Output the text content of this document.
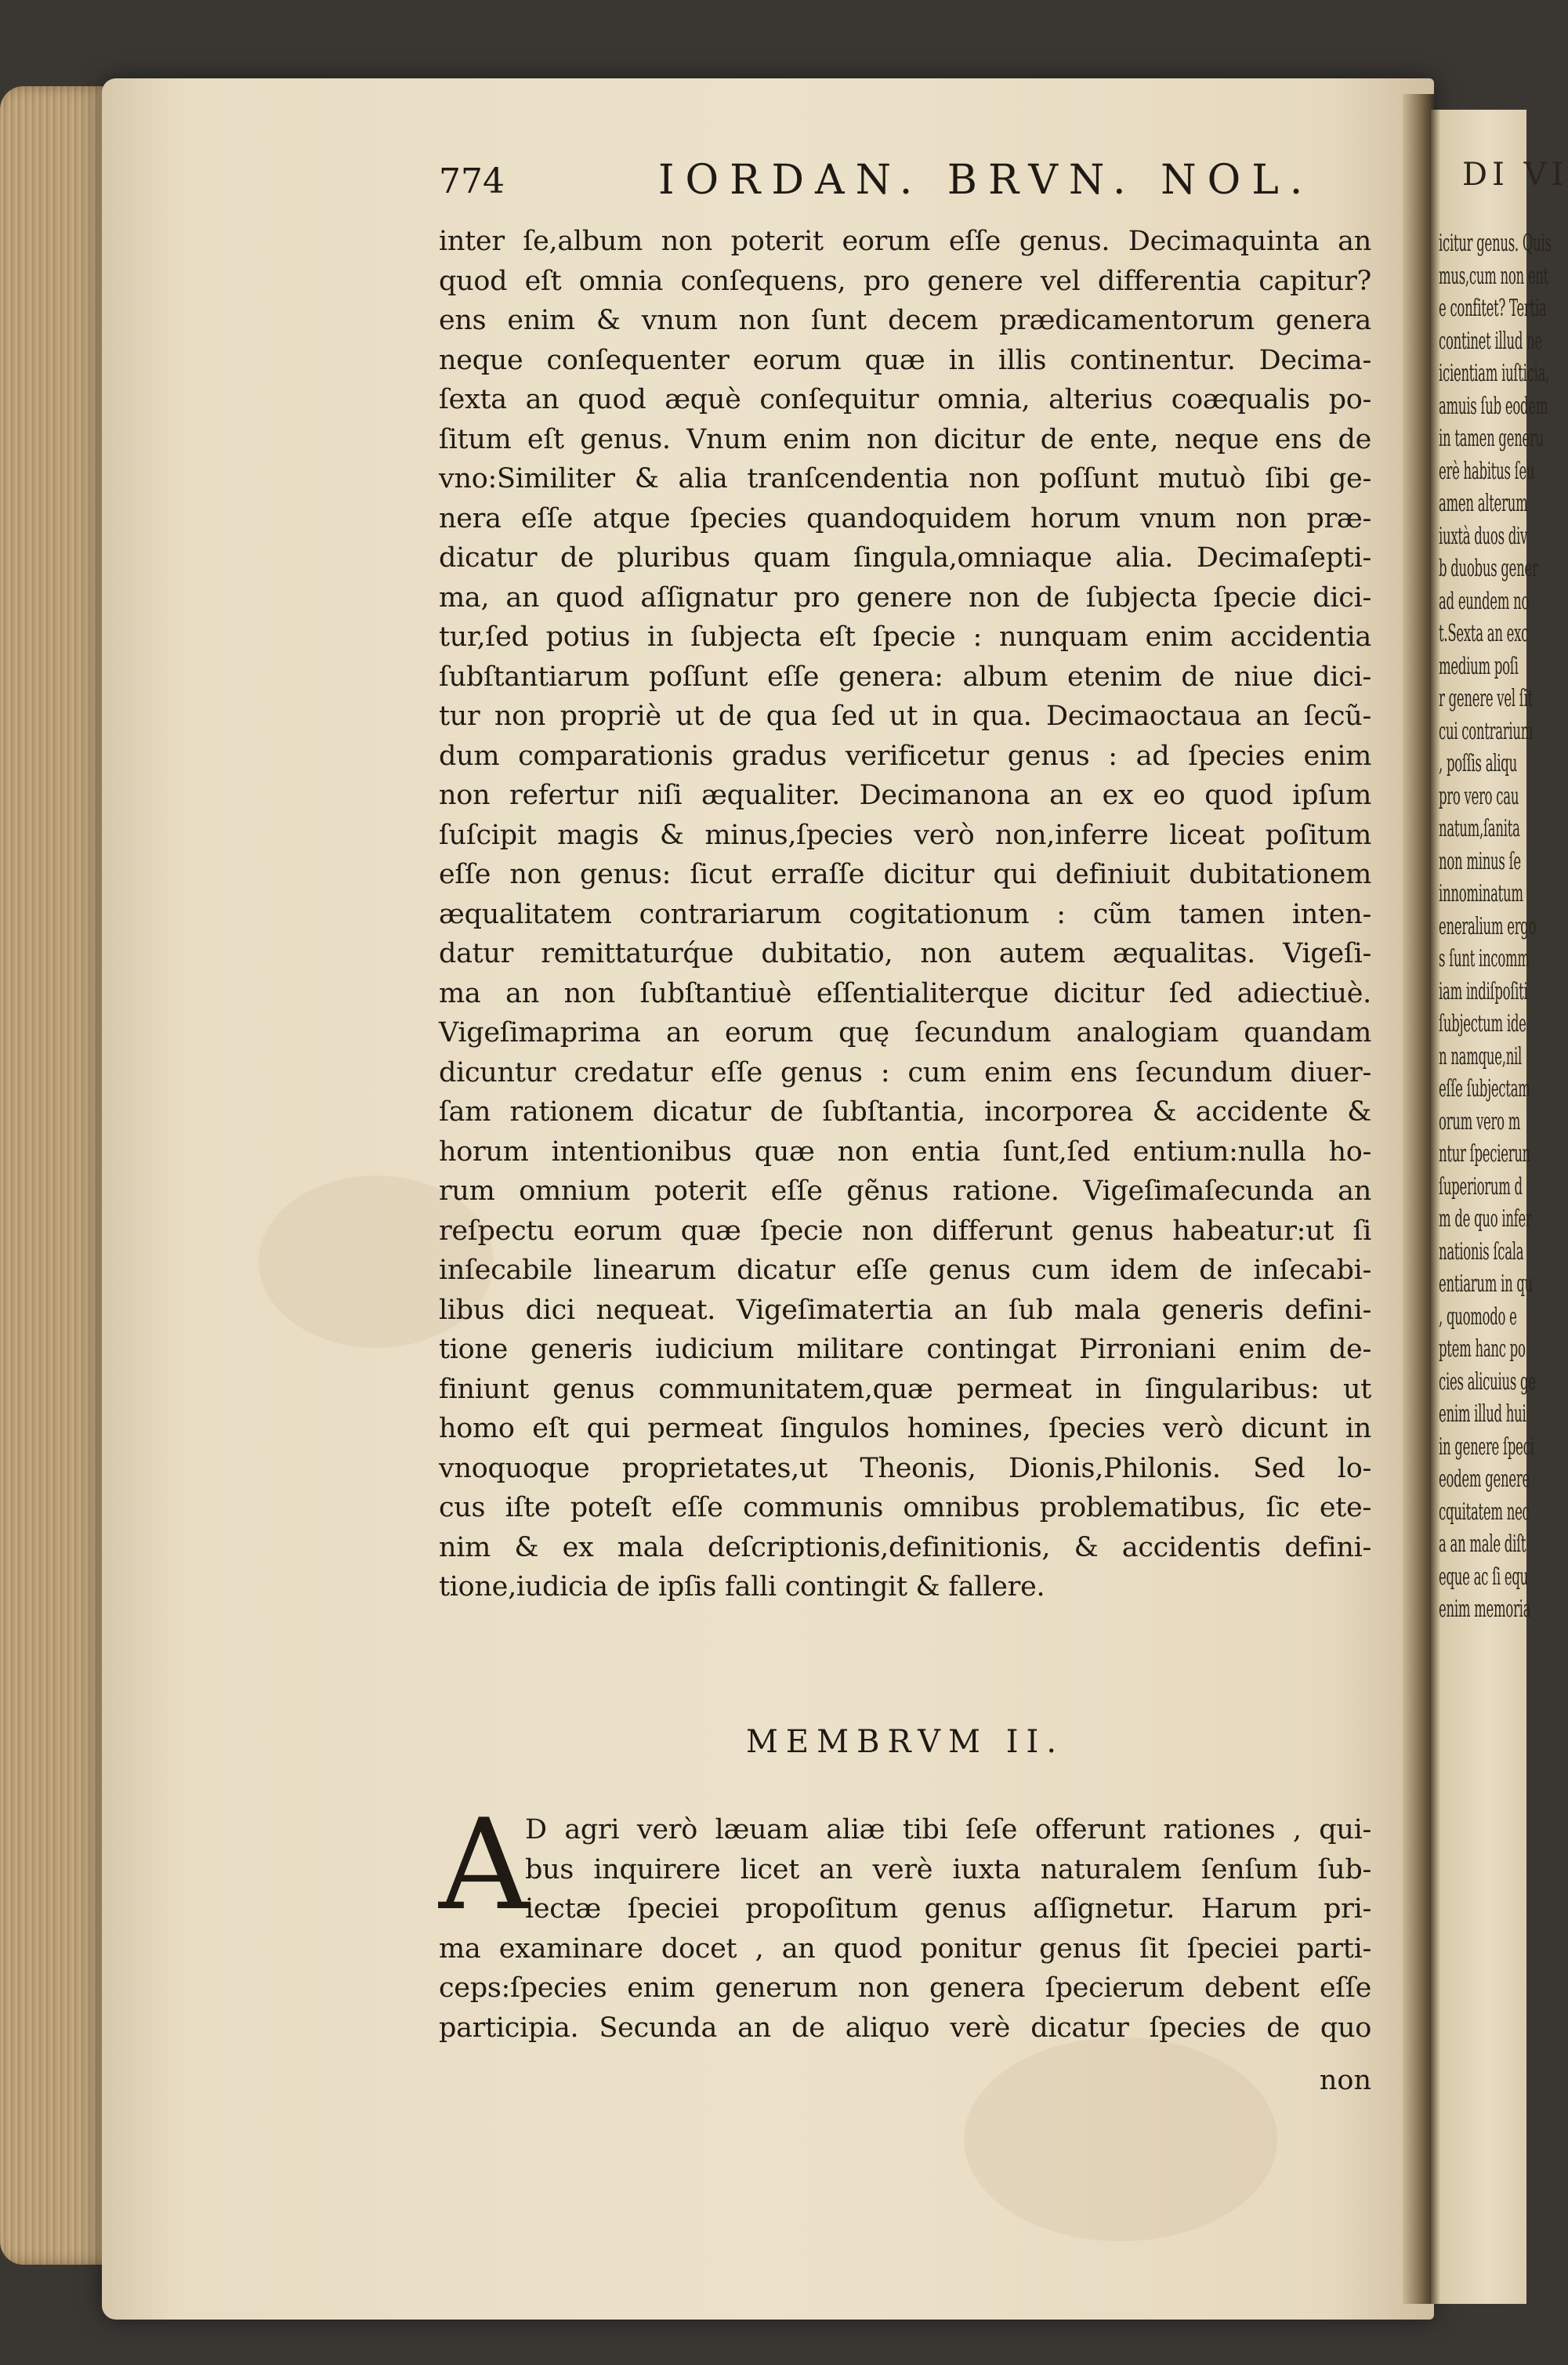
DI VI
icitur genus. Quis
mus,cum non ent
e confitet? Tertia
continet illud ne
icientiam iuſticia,
amuis ſub eodem
in tamen generu
erè habitus ſeu
amen alterum
iuxtà duos div
b duobus gener
ad eundem no
t.Sexta an exc
medium poſi
r genere vel ſit
cui contrarium
, poſſis aliqu
pro vero cau
natum,ſanita
non minus ſe
innominatum
eneralium ergo
s ſunt incomm
iam indiſpoſiti
ſubjectum ide
n namque,nil
eſſe ſubjectam
orum vero m
ntur ſpecierun
ſuperiorum d
m de quo infer
nationis ſcala
entiarum in qu
, quomodo e
ptem hanc po
cies alicuius ge
enim illud hui
in genere ſpeci
eodem genere
cquitatem nec
a an male diſt
eque ac ſi equ
enim memoria
774	IORDAN. BRVN. NOL.
inter ſe,album non poterit eorum eſſe genus. Decimaquinta an
quod eſt omnia conſequens, pro genere vel differentia capitur?
ens enim & vnum non ſunt decem prædicamentorum genera
neque conſequenter eorum quæ in illis continentur. Decima-
ſexta an quod æquè conſequitur omnia, alterius coæqualis po-
ſitum eſt genus. Vnum enim non dicitur de ente, neque ens de
vno:Similiter & alia tranſcendentia non poſſunt mutuò ſibi ge-
nera eſſe atque ſpecies quandoquidem horum vnum non præ-
dicatur de pluribus quam ſingula,omniaque alia. Decimaſepti-
ma, an quod aſſignatur pro genere non de ſubjecta ſpecie dici-
tur,ſed potius in ſubjecta eſt ſpecie : nunquam enim accidentia
ſubſtantiarum poſſunt eſſe genera: album etenim de niue dici-
tur non propriè ut de qua ſed ut in qua. Decimaoctaua an ſecũ-
dum comparationis gradus verificetur genus : ad ſpecies enim
non refertur niſi æqualiter. Decimanona an ex eo quod ipſum
ſuſcipit magis & minus,ſpecies verò non,inferre liceat poſitum
eſſe non genus: ſicut erraſſe dicitur qui definiuit dubitationem
æqualitatem contrariarum cogitationum : cũm tamen inten-
datur remittaturq́ue dubitatio, non autem æqualitas. Vigeſi-
ma an non ſubſtantiuè eſſentialiterque dicitur ſed adiectiuè.
Vigeſimaprima an eorum quę ſecundum analogiam quandam
dicuntur credatur eſſe genus : cum enim ens ſecundum diuer-
ſam rationem dicatur de ſubſtantia, incorporea & accidente &
horum intentionibus quæ non entia ſunt,ſed entium:nulla ho-
rum omnium poterit eſſe gẽnus ratione. Vigeſimaſecunda an
reſpectu eorum quæ ſpecie non differunt genus habeatur:ut ſi
inſecabile linearum dicatur eſſe genus cum idem de inſecabi-
libus dici nequeat. Vigeſimatertia an ſub mala generis defini-
tione generis iudicium militare contingat Pirroniani enim de-
finiunt genus communitatem,quæ permeat in ſingularibus: ut
homo eſt qui permeat ſingulos homines, ſpecies verò dicunt in
vnoquoque proprietates,ut Theonis, Dionis,Philonis. Sed lo-
cus iſte poteſt eſſe communis omnibus problematibus, ſic ete-
nim & ex mala deſcriptionis,definitionis, & accidentis defini-
tione,iudicia de ipſis falli contingit & fallere.
MEMBRVM II.
A
D agri verò læuam aliæ tibi ſeſe offerunt rationes , qui-
bus inquirere licet an verè iuxta naturalem ſenſum ſub-
iectæ ſpeciei propoſitum genus aſſignetur. Harum pri-
ma examinare docet , an quod ponitur genus ſit ſpeciei parti-
ceps:ſpecies enim generum non genera ſpecierum debent eſſe
participia. Secunda an de aliquo verè dicatur ſpecies de quo
non
